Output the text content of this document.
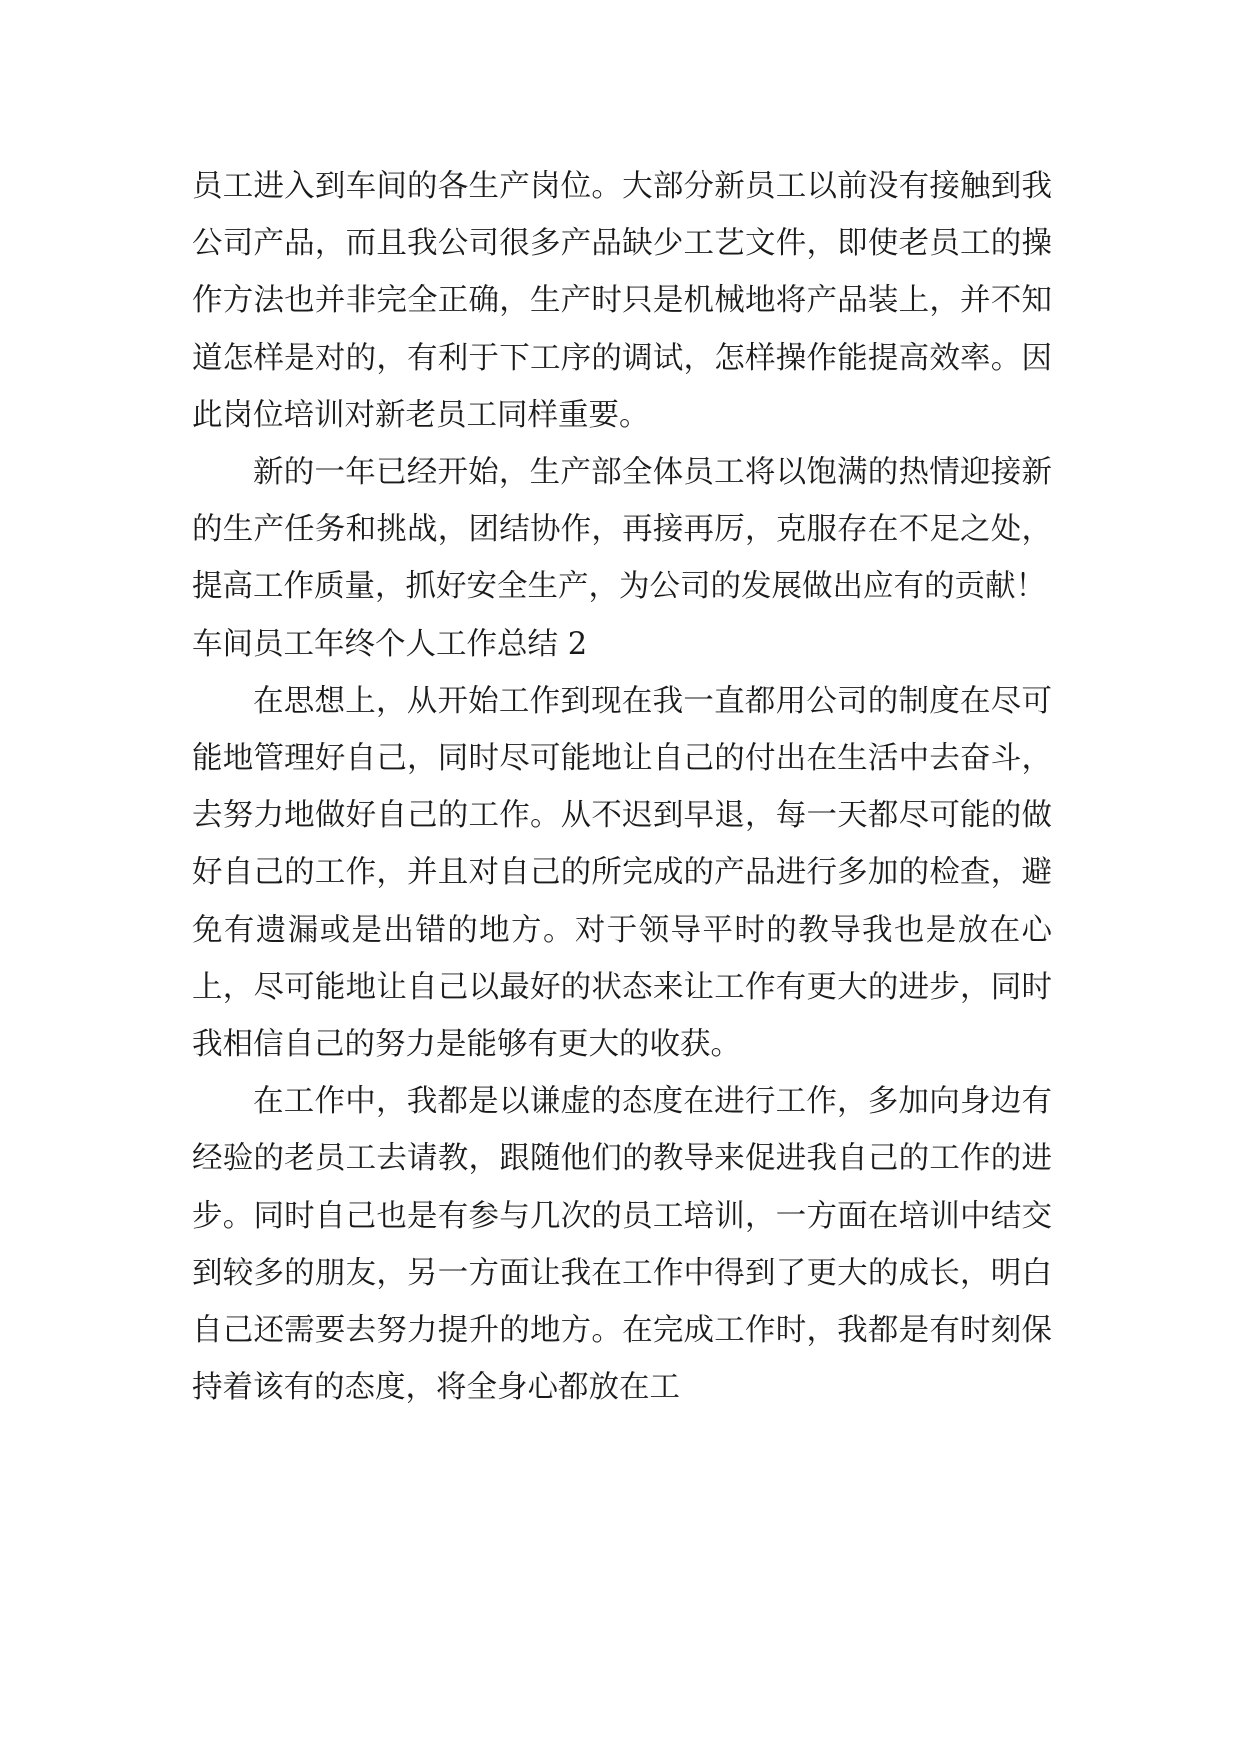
员工进入到车间的各生产岗位。大部分新员工以前没有接触到我公司产品，而且我公司很多产品缺少工艺文件，即使老员工的操作方法也并非完全正确，生产时只是机械地将产品装上，并不知道怎样是对的，有利于下工序的调试，怎样操作能提高效率。因此岗位培训对新老员工同样重要。

新的一年已经开始，生产部全体员工将以饱满的热情迎接新的生产任务和挑战，团结协作，再接再厉，克服存在不足之处，提高工作质量，抓好安全生产，为公司的发展做出应有的贡献！

车间员工年终个人工作总结 2

在思想上，从开始工作到现在我一直都用公司的制度在尽可能地管理好自己，同时尽可能地让自己的付出在生活中去奋斗，去努力地做好自己的工作。从不迟到早退，每一天都尽可能的做好自己的工作，并且对自己的所完成的产品进行多加的检查，避免有遗漏或是出错的地方。对于领导平时的教导我也是放在心上，尽可能地让自己以最好的状态来让工作有更大的进步，同时我相信自己的努力是能够有更大的收获。

在工作中，我都是以谦虚的态度在进行工作，多加向身边有经验的老员工去请教，跟随他们的教导来促进我自己的工作的进步。同时自己也是有参与几次的员工培训，一方面在培训中结交到较多的朋友，另一方面让我在工作中得到了更大的成长，明白自己还需要去努力提升的地方。在完成工作时，我都是有时刻保持着该有的态度，将全身心都放在工
